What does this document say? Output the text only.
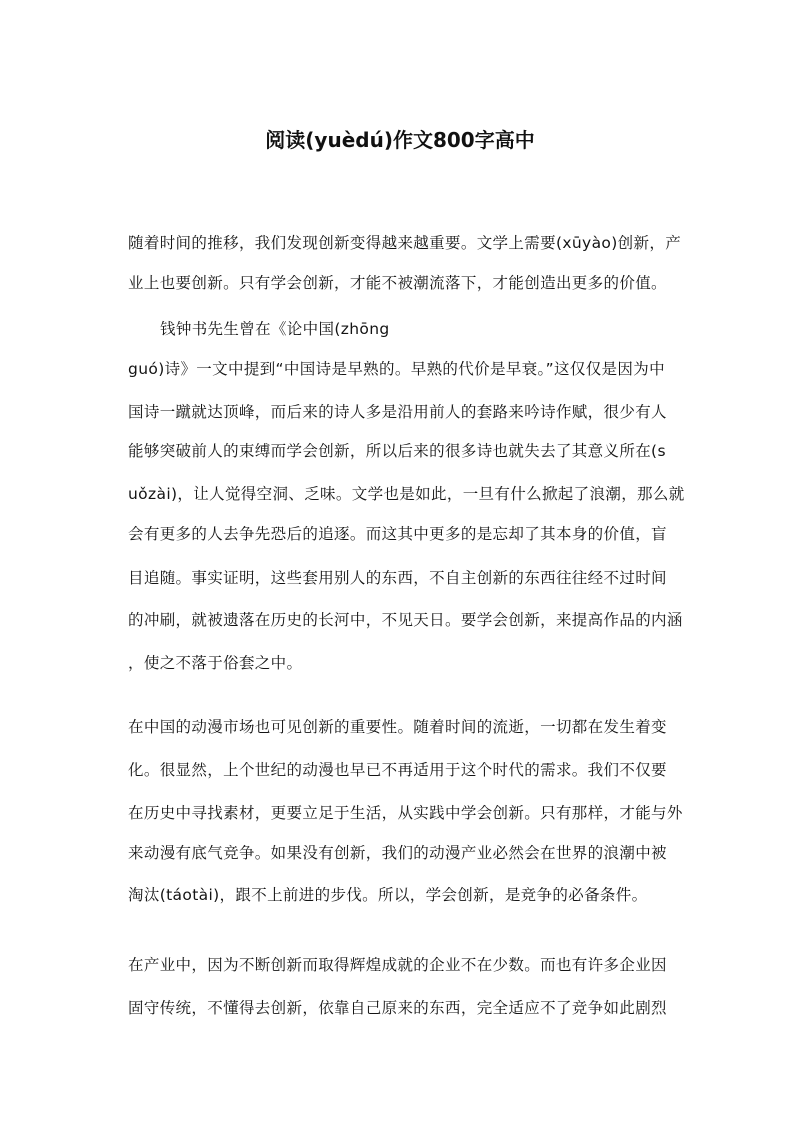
阅读(yuèdú)作文800字高中
随着时间的推移，我们发现创新变得越来越重要。文学上需要(xūyào)创新，产
业上也要创新。只有学会创新，才能不被潮流落下，才能创造出更多的价值。
钱钟书先生曾在《论中国(zhōng
guó)诗》一文中提到“中国诗是早熟的。早熟的代价是早衰。”这仅仅是因为中
国诗一蹴就达顶峰，而后来的诗人多是沿用前人的套路来吟诗作赋，很少有人
能够突破前人的束缚而学会创新，所以后来的很多诗也就失去了其意义所在(s
uǒzài)，让人觉得空洞、乏味。文学也是如此，一旦有什么掀起了浪潮，那么就
会有更多的人去争先恐后的追逐。而这其中更多的是忘却了其本身的价值，盲
目追随。事实证明，这些套用别人的东西，不自主创新的东西往往经不过时间
的冲刷，就被遗落在历史的长河中，不见天日。要学会创新，来提高作品的内涵
，使之不落于俗套之中。
在中国的动漫市场也可见创新的重要性。随着时间的流逝，一切都在发生着变
化。很显然，上个世纪的动漫也早已不再适用于这个时代的需求。我们不仅要
在历史中寻找素材，更要立足于生活，从实践中学会创新。只有那样，才能与外
来动漫有底气竞争。如果没有创新，我们的动漫产业必然会在世界的浪潮中被
淘汰(táotài)，跟不上前进的步伐。所以，学会创新，是竞争的必备条件。
在产业中，因为不断创新而取得辉煌成就的企业不在少数。而也有许多企业因
固守传统，不懂得去创新，依靠自己原来的东西，完全适应不了竞争如此剧烈
